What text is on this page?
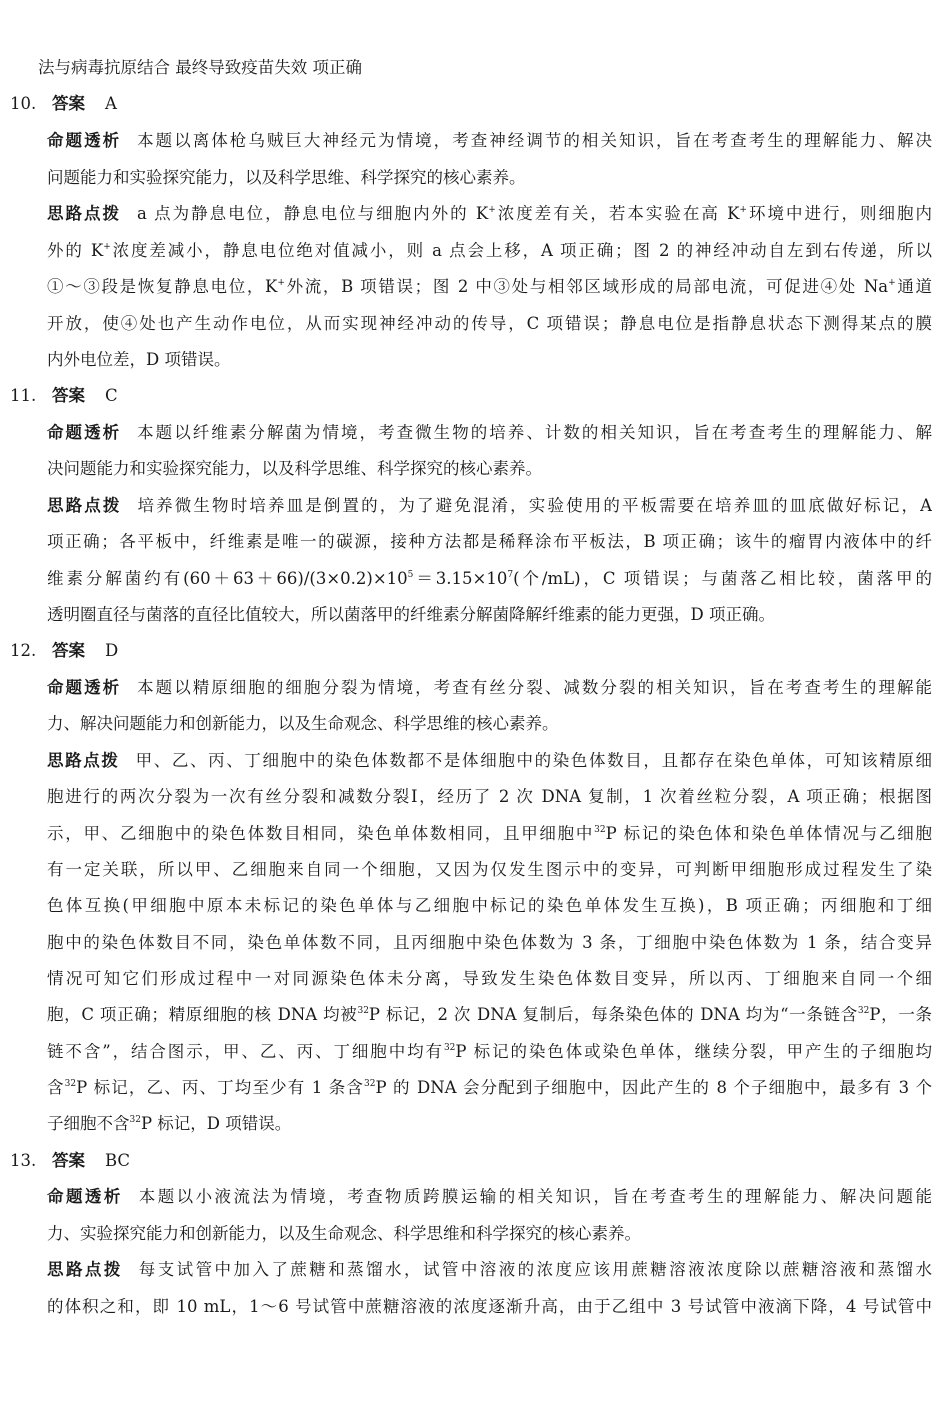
法与病毒抗原结合 最终导致疫苗失效 项正确
10. 答案 A
命题透析 本题以离体枪乌贼巨大神经元为情境，考查神经调节的相关知识，旨在考查考生的理解能力、解决
问题能力和实验探究能力，以及科学思维、科学探究的核心素养。
思路点拨 a 点为静息电位，静息电位与细胞内外的 K+浓度差有关，若本实验在高 K+环境中进行，则细胞内
外的 K+浓度差减小，静息电位绝对值减小，则 a 点会上移，A 项正确；图 2 的神经冲动自左到右传递，所以
①～③段是恢复静息电位，K+外流，B 项错误；图 2 中③处与相邻区域形成的局部电流，可促进④处 Na+通道
开放，使④处也产生动作电位，从而实现神经冲动的传导，C 项错误；静息电位是指静息状态下测得某点的膜
内外电位差，D 项错误。
11. 答案 C
命题透析 本题以纤维素分解菌为情境，考查微生物的培养、计数的相关知识，旨在考查考生的理解能力、解
决问题能力和实验探究能力，以及科学思维、科学探究的核心素养。
思路点拨 培养微生物时培养皿是倒置的，为了避免混淆，实验使用的平板需要在培养皿的皿底做好标记，A
项正确；各平板中，纤维素是唯一的碳源，接种方法都是稀释涂布平板法，B 项正确；该牛的瘤胃内液体中的纤
维素分解菌约有$(60+63+66)/(3\times 0.2)\times 10^5=3.15\times 10^7$(个/mL)，C 项错误；与菌落乙相比较，菌落甲的
透明圈直径与菌落的直径比值较大，所以菌落甲的纤维素分解菌降解纤维素的能力更强，D 项正确。
12. 答案 D
命题透析 本题以精原细胞的细胞分裂为情境，考查有丝分裂、减数分裂的相关知识，旨在考查考生的理解能
力、解决问题能力和创新能力，以及生命观念、科学思维的核心素养。
思路点拨 甲、乙、丙、丁细胞中的染色体数都不是体细胞中的染色体数目，且都存在染色单体，可知该精原细
胞进行的两次分裂为一次有丝分裂和减数分裂Ⅰ，经历了 2 次 DNA 复制，1 次着丝粒分裂，A 项正确；根据图
示，甲、乙细胞中的染色体数目相同，染色单体数相同，且甲细胞中$^{32}$P 标记的染色体和染色单体情况与乙细胞
有一定关联，所以甲、乙细胞来自同一个细胞，又因为仅发生图示中的变异，可判断甲细胞形成过程发生了染
色体互换(甲细胞中原本未标记的染色单体与乙细胞中标记的染色单体发生互换)，B 项正确；丙细胞和丁细
胞中的染色体数目不同，染色单体数不同，且丙细胞中染色体数为 3 条，丁细胞中染色体数为 1 条，结合变异
情况可知它们形成过程中一对同源染色体未分离，导致发生染色体数目变异，所以丙、丁细胞来自同一个细
胞，C 项正确；精原细胞的核 DNA 均被$^{32}$P 标记，2 次 DNA 复制后，每条染色体的 DNA 均为“一条链含$^{32}$P，一条
链不含”，结合图示，甲、乙、丙、丁细胞中均有$^{32}$P 标记的染色体或染色单体，继续分裂，甲产生的子细胞均
含$^{32}$P 标记，乙、丙、丁均至少有 1 条含$^{32}$P 的 DNA 会分配到子细胞中，因此产生的 8 个子细胞中，最多有 3 个
子细胞不含$^{32}$P 标记，D 项错误。
13. 答案 BC
命题透析 本题以小液流法为情境，考查物质跨膜运输的相关知识，旨在考查考生的理解能力、解决问题能
力、实验探究能力和创新能力，以及生命观念、科学思维和科学探究的核心素养。
思路点拨 每支试管中加入了蔗糖和蒸馏水，试管中溶液的浓度应该用蔗糖溶液浓度除以蔗糖溶液和蒸馏水
的体积之和，即 10 mL，1～6 号试管中蔗糖溶液的浓度逐渐升高，由于乙组中 3 号试管中液滴下降，4 号试管中
